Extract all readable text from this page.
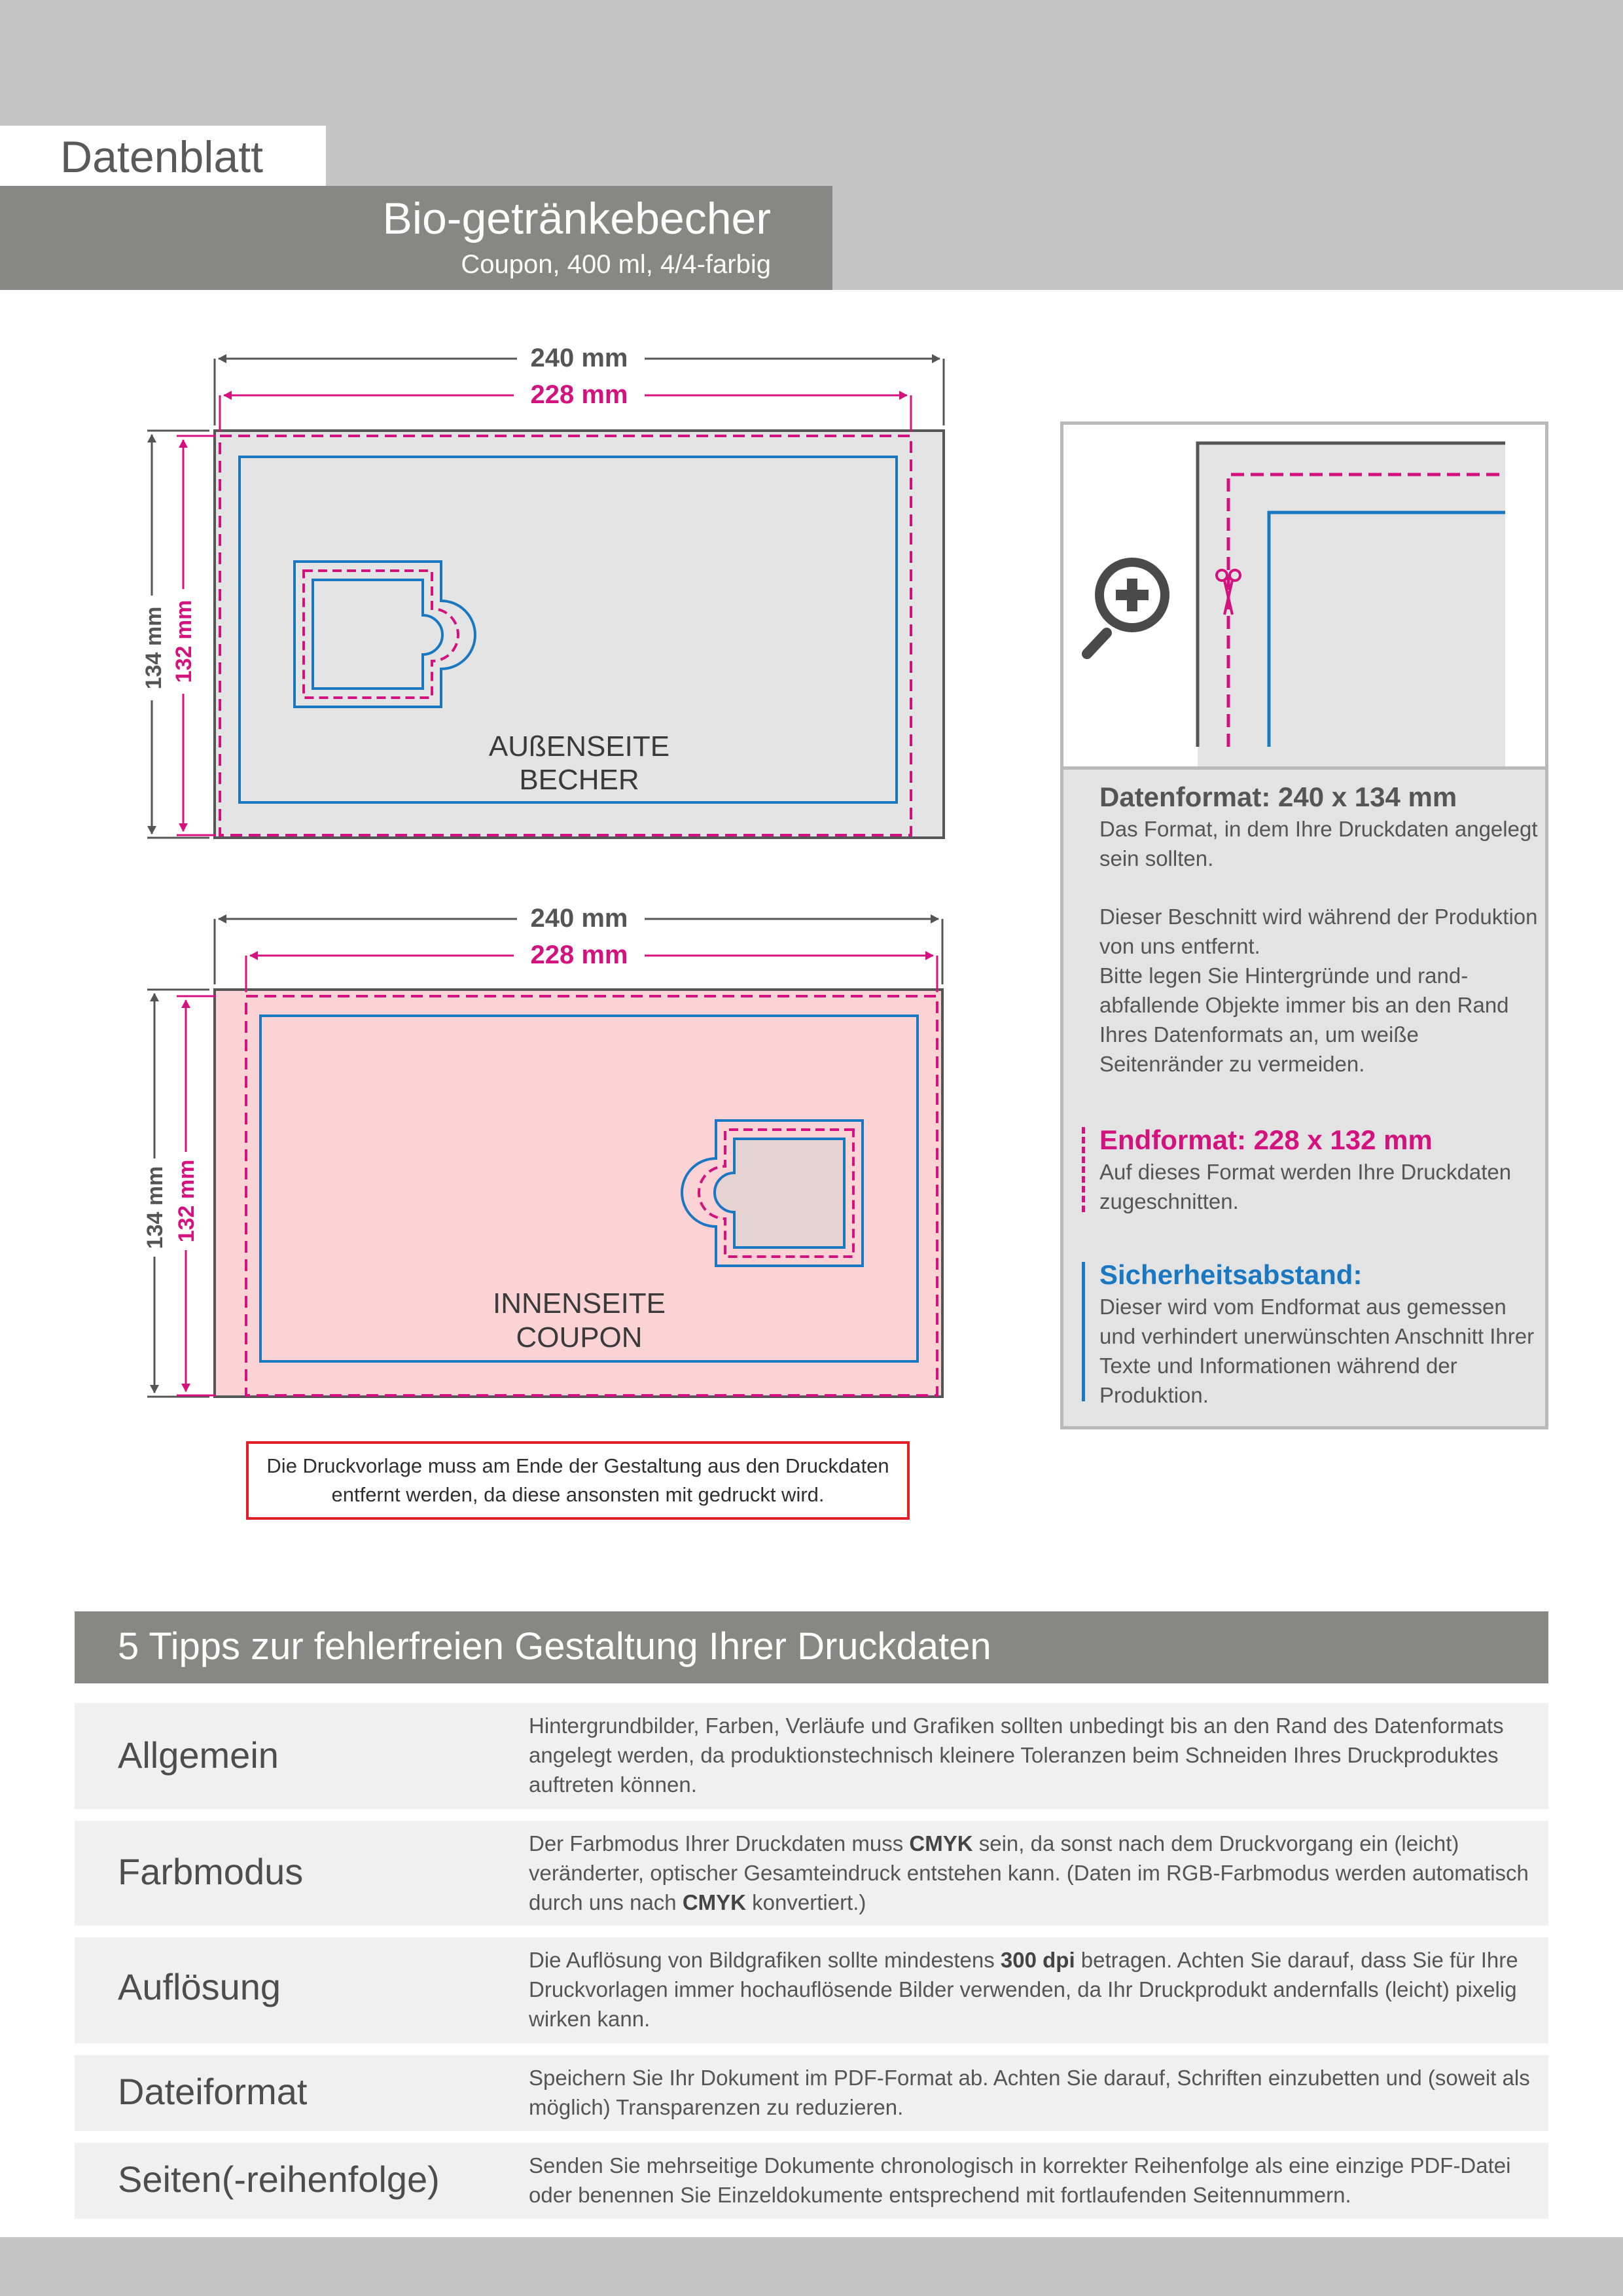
Datenblatt
Bio-getränkebecher
Coupon, 400 ml, 4/4-farbig
240 mm
228 mm
134 mm 132 mm
AUßENSEITE
BECHER
240 mm
228 mm
134 mm 132 mm
INNENSEITE
COUPON
Die Druckvorlage muss am Ende der Gestaltung aus den Druckdaten entfernt werden, da diese ansonsten mit gedruckt wird.

Datenformat: 240 x 134 mm

Das Format, in dem Ihre Druckdaten angelegt sein sollten.

Dieser Beschnitt wird während der Produktion von uns entfernt.

Bitte legen Sie Hintergründe und rand-abfallende Objekte immer bis an den Rand Ihres Datenformats an, um weiße Seitenränder zu vermeiden.

Endformat: 228 x 132 mm

Auf dieses Format werden Ihre Druckdaten zugeschnitten.

Sicherheitsabstand:

Dieser wird vom Endformat aus gemessen und verhindert unerwünschten Anschnitt Ihrer Texte und Informationen während der Produktion.

5 Tipps zur fehlerfreien Gestaltung Ihrer Druckdaten
Allgemein
Hintergrundbilder, Farben, Verläufe und Grafiken sollten unbedingt bis an den Rand des Datenformats angelegt werden, da produktionstechnisch kleinere Toleranzen beim Schneiden Ihres Druckproduktes auftreten können.
Farbmodus
Der Farbmodus Ihrer Druckdaten muss CMYK sein, da sonst nach dem Druckvorgang ein (leicht) veränderter, optischer Gesamteindruck entstehen kann. (Daten im RGB-Farbmodus werden automatisch durch uns nach CMYK konvertiert.)
Auflösung
Die Auflösung von Bildgrafiken sollte mindestens 300 dpi betragen. Achten Sie darauf, dass Sie für Ihre Druckvorlagen immer hochauflösende Bilder verwenden, da Ihr Druckprodukt andernfalls (leicht) pixelig wirken kann.
Dateiformat	Speichern Sie Ihr Dokument im PDF-Format ab. Achten Sie darauf, Schriften einzubetten und (soweit als möglich) Transparenzen zu reduzieren.
Seiten(-reihenfolge)	Senden Sie mehrseitige Dokumente chronologisch in korrekter Reihenfolge als eine einzige PDF-Datei oder benennen Sie Einzeldokumente entsprechend mit fortlaufenden Seitennummern.
